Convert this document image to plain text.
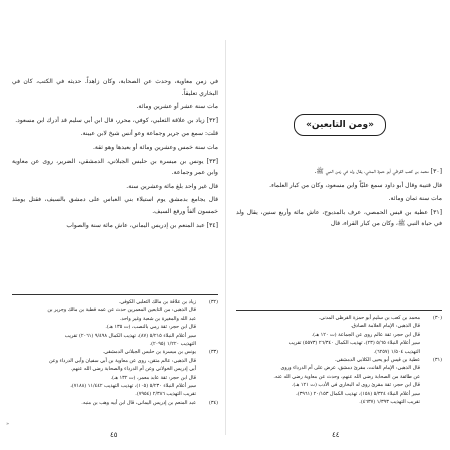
في زمن معاوية، وحدث عن الصحابة، وكان زاهداً. حديثه في الكتب، كان في البخاري تعليقاً.

مات سنة عشر أو عشرين ومائة.

[٣٢] زياد بن علاقة الثعلبي، كوفي، محرر، قال ابن أبي سليم قد أدرك ابن مسعود.

قلت: سمع من جرير وجماعة وعو أنس شيخ لابن عيينة.

مات سنة خمس وعشرين ومائة أو بعيدها وهو ثقة.

[٣٣] يونس بن ميسرة بن حلبس الجبلاني، الدمشقي، الضرير، روى عن معاوية وابن عمر وجماعة.

قال غير واحد بلغ مائة وعشرين سنة.

قال يجامع بدمشق يوم استيلاء بني العباس على دمشق بالسيف، فقتل يومئذ خمسون ألفاً ورفع السيف.

[٣٤] عبد المنعم بن إدريس اليماني، عاش مائة سنة والصواب

(٣٢)
زياد بن علاقة بن مالك الثعلبي الكوفي.
قال الذهبي: من التابعين المعمرين حدث عن عمه قطبة بن مالك وجرير بن
عبد الله والمغيرة بن شعبة وغير واحد.
قال ابن حجر: ثقة رمي بالنصب، (ت ١٣٥ هـ).
سير أعلام النبلاء ٥/٢١٥ (٨٧)، تهذيب الكمال ٩/٤٩٨ (٢٠٦١) تقريب
التهذيب ١/٢٢٠ (٢٠٩٥).
(٣٣)
يونس بن ميسرة بن حلبس الجبلاني الدمشقي.
قال الذهبي: عالم متقن، روى عن معاوية بن أبي سفيان وأبي الدرداء وعن
أبي إدريس الخولاني وعن أم الدرداء والصحابة رضي الله عنهم.
قال ابن حجر: ثقة عابد معمر، (ت ١٣٢ هـ).
سير أعلام النبلاء ٥/٢٣٠ (١٠٥)، تهذيب التهذيب ١١/٤٤٢ (٧١٨٨)،
تقريب التهذيب ٢/٣٨٦ (٧٩٥٤).
(٣٤)
عبد المنعم بن إدريس اليماني، قال ابن أبيه وهب بن منبه.
«
٤٥
«ومن التابعين»

[٣٠] محمد بن كعب القرظي أبو حمزة المدني، يقال ولد في زمن النبي ﷺ.

قال قتيبة وقال أبو داود سمع عليّاً وابن مسعود، وكان من كبار العلماء.

مات سنة ثمان ومائة.

[٣١] عطية بن قيس الحمصي، عرف بالمدبوح، عاش مائة وأربع سنين، يقال ولد في حياة النبي ﷺ، وكان من كبار القراء، قال

(٣٠)
محمد بن كعب بن سليم أبو حمزة القرظي المدني.
قال الذهبي: الإمام العلامة الصادق.
قال ابن حجر: ثقة عالم روى عن الجماعة (ت ١٢٠ هـ).
سير أعلام النبلاء ٥/٦٥ (٢٣)، تهذيب الكمال ٢٦/٣٤٠ (٥٥٧٣) تقريب
التهذيب ١/٥٠٤ (٦٢٥٧).
(٣١)
عطية بن قيس أبو يحيى الكلابي الدمشقي.
قال الذهبي: الإمام القانت، مقرئ دمشق، عرض على أم الدرداء وروى
عن طائفة من الصحابة رضي الله عنهم، وحدث عن معاوية رضي الله عنه.
قال ابن حجر: ثقة مقرئ روى له البخاري في الأدب (ت ١٢١ هـ).
سير أعلام النبلاء ٥/٣٢٤ (١٥٨)، تهذيب الكمال ٢٠/١٥٣ (٣٩٦١)،
تقريب التهذيب ١/٣٩٣ (٤٦٣٧).
٤٤
